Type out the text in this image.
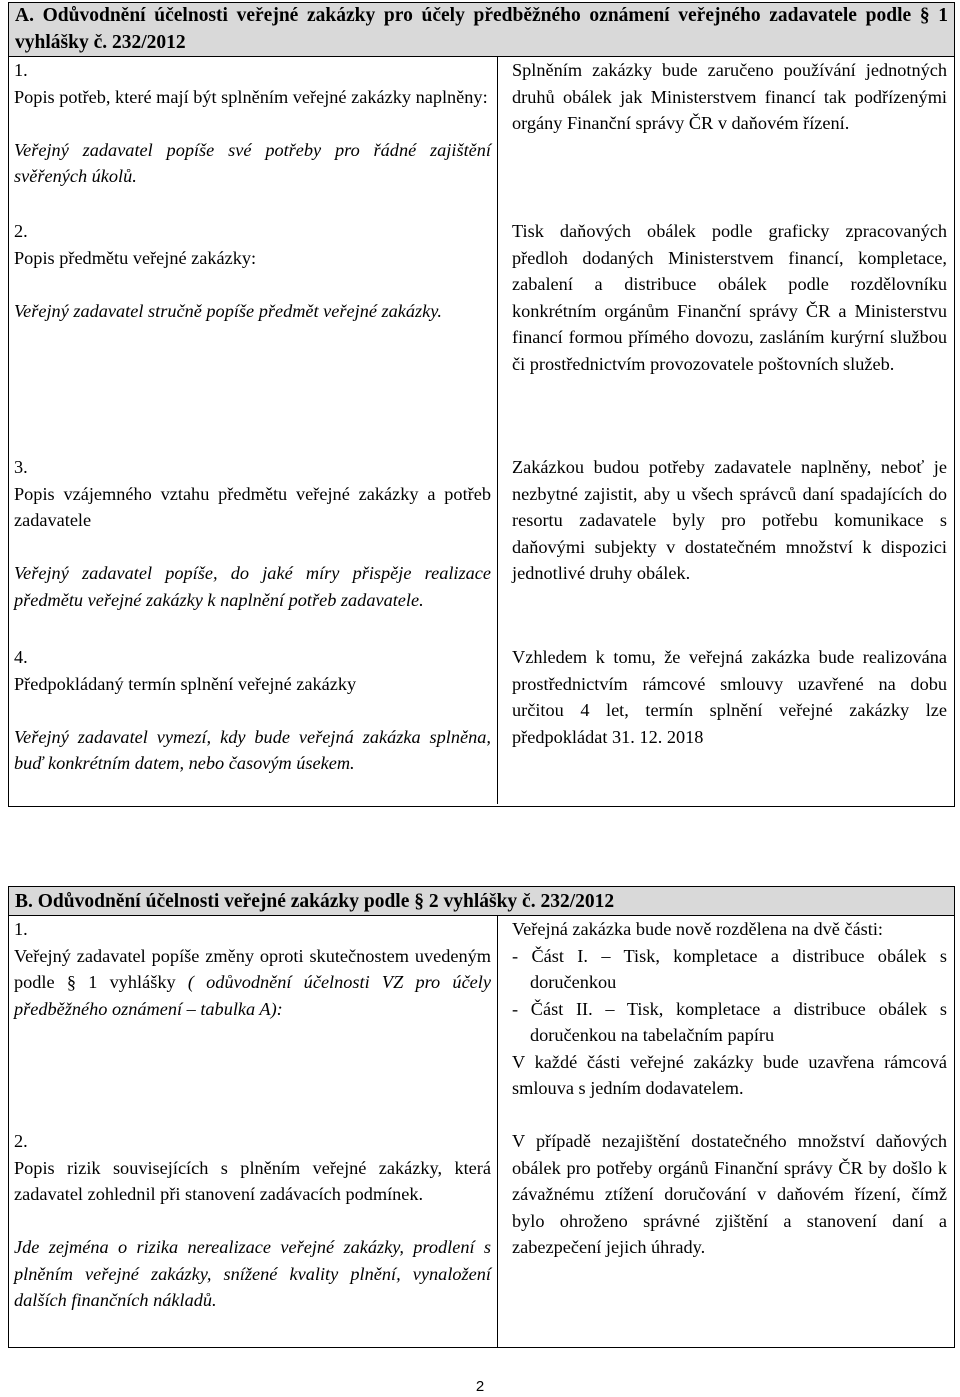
A. Odůvodnění účelnosti veřejné zakázky pro účely předběžného oznámení veřejného zadavatele podle § 1 vyhlášky č. 232/2012
1.
Popis potřeb, které mají být splněním veřejné zakázky naplněny:
Veřejný zadavatel popíše své potřeby pro řádné zajištění svěřených úkolů.
Splněním zakázky bude zaručeno používání jednotných druhů obálek jak Ministerstvem financí tak podřízenými orgány Finanční správy ČR v daňovém řízení.
2.
Popis předmětu veřejné zakázky:
Veřejný zadavatel stručně popíše předmět veřejné zakázky.
Tisk daňových obálek podle graficky zpracovaných předloh dodaných Ministerstvem financí, kompletace, zabalení a distribuce obálek podle rozdělovníku konkrétním orgánům Finanční správy ČR a Ministerstvu financí formou přímého dovozu, zasláním kurýrní službou či prostřednictvím provozovatele poštovních služeb.
3.
Popis vzájemného vztahu předmětu veřejné zakázky a potřeb zadavatele
Veřejný zadavatel popíše, do jaké míry přispěje realizace předmětu veřejné zakázky k naplnění potřeb zadavatele.
Zakázkou budou potřeby zadavatele naplněny, neboť je nezbytné zajistit, aby u všech správců daní spadajících do resortu zadavatele byly pro potřebu komunikace s daňovými subjekty v dostatečném množství k dispozici jednotlivé druhy obálek.
4.
Předpokládaný termín splnění veřejné zakázky
Veřejný zadavatel vymezí, kdy bude veřejná zakázka splněna, buď konkrétním datem, nebo časovým úsekem.
Vzhledem k tomu, že veřejná zakázka bude realizována prostřednictvím rámcové smlouvy uzavřené na dobu určitou 4 let, termín splnění veřejné zakázky lze předpokládat 31. 12. 2018
B. Odůvodnění účelnosti veřejné zakázky podle § 2 vyhlášky č. 232/2012
1.
Veřejný zadavatel popíše změny oproti skutečnostem uvedeným podle § 1 vyhlášky ( odůvodnění účelnosti VZ pro účely předběžného oznámení – tabulka A):
Veřejná zakázka bude nově rozdělena na dvě části:
- Část I. – Tisk, kompletace a distribuce obálek s doručenkou
- Část II. – Tisk, kompletace a distribuce obálek s doručenkou na tabelačním papíru
V každé části veřejné zakázky bude uzavřena rámcová smlouva s jedním dodavatelem.
2.
Popis rizik souvisejících s plněním veřejné zakázky, která zadavatel zohlednil při stanovení zadávacích podmínek.
Jde zejména o rizika nerealizace veřejné zakázky, prodlení s plněním veřejné zakázky, snížené kvality plnění, vynaložení dalších finančních nákladů.
V případě nezajištění dostatečného množství daňových obálek pro potřeby orgánů Finanční správy ČR by došlo k závažnému ztížení doručování v daňovém řízení, čímž bylo ohroženo správné zjištění a stanovení daní a zabezpečení jejich úhrady.
2
